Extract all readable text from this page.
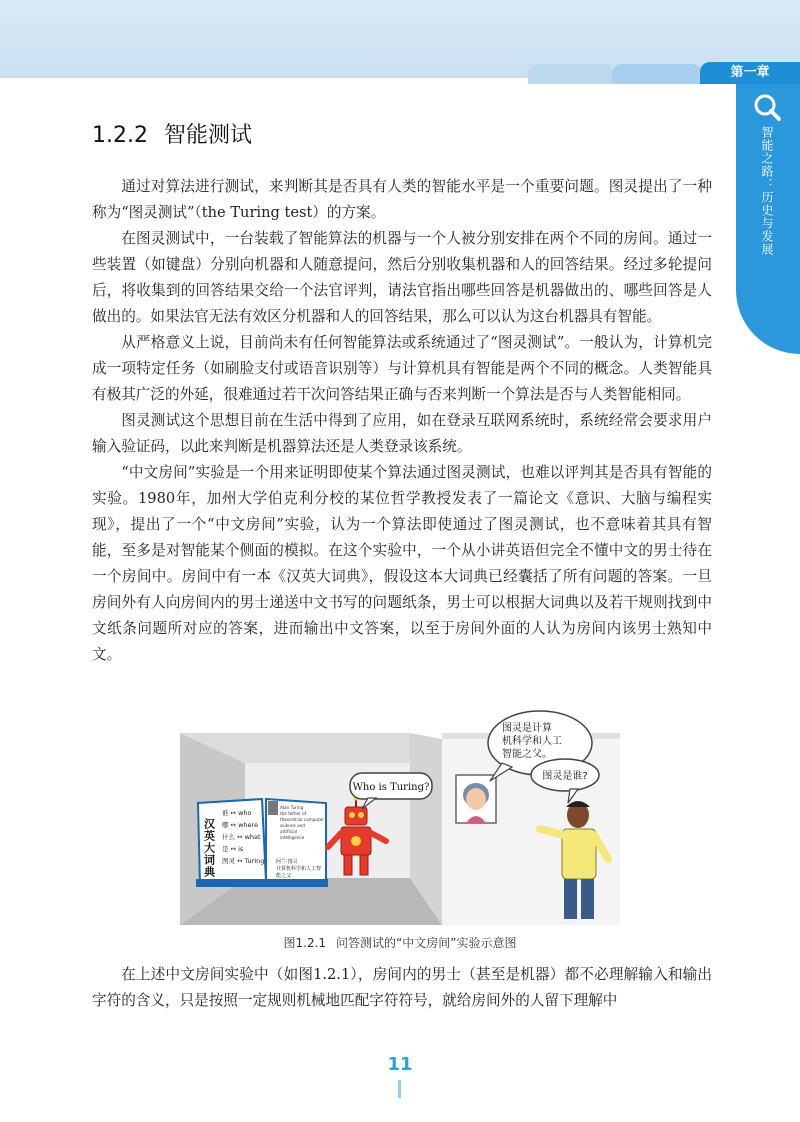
第一章
智能之路：历史与发展
1.2.2 智能测试

通过对算法进行测试，来判断其是否具有人类的智能水平是一个重要问题。图灵提出了一种称为“图灵测试”（the Turing test）的方案。

在图灵测试中，一台装载了智能算法的机器与一个人被分别安排在两个不同的房间。通过一些装置（如键盘）分别向机器和人随意提问，然后分别收集机器和人的回答结果。经过多轮提问后，将收集到的回答结果交给一个法官评判，请法官指出哪些回答是机器做出的、哪些回答是人做出的。如果法官无法有效区分机器和人的回答结果，那么可以认为这台机器具有智能。

从严格意义上说，目前尚未有任何智能算法或系统通过了“图灵测试”。一般认为，计算机完成一项特定任务（如刷脸支付或语音识别等）与计算机具有智能是两个不同的概念。人类智能具有极其广泛的外延，很难通过若干次问答结果正确与否来判断一个算法是否与人类智能相同。

图灵测试这个思想目前在生活中得到了应用，如在登录互联网系统时，系统经常会要求用户输入验证码，以此来判断是机器算法还是人类登录该系统。

“中文房间”实验是一个用来证明即使某个算法通过图灵测试，也难以评判其是否具有智能的实验。1980年，加州大学伯克利分校的某位哲学教授发表了一篇论文《意识、大脑与编程实现》，提出了一个“中文房间”实验，认为一个算法即使通过了图灵测试，也不意味着其具有智能，至多是对智能某个侧面的模拟。在这个实验中，一个从小讲英语但完全不懂中文的男士待在一个房间中。房间中有一本《汉英大词典》，假设这本大词典已经囊括了所有问题的答案。一旦房间外有人向房间内的男士递送中文书写的问题纸条，男士可以根据大词典以及若干规则找到中文纸条问题所对应的答案，进而输出中文答案，以至于房间外面的人认为房间内该男士熟知中文。

汉英大词典
谁 ↔ who 哪 ↔ where 什么 ↔ what 是 ↔ is 图灵 ↔ Turing
Alan Turing the father of theoretical computer science and artificial intelligence
阿兰·图灵计算机科学和人工智能之父
Who is Turing?
图灵是计算机科学和人工智能之父。
图灵是谁?
图1.2.1 问答测试的“中文房间”实验示意图

在上述中文房间实验中（如图1.2.1），房间内的男士（甚至是机器）都不必理解输入和输出字符的含义，只是按照一定规则机械地匹配字符符号，就给房间外的人留下理解中

11
